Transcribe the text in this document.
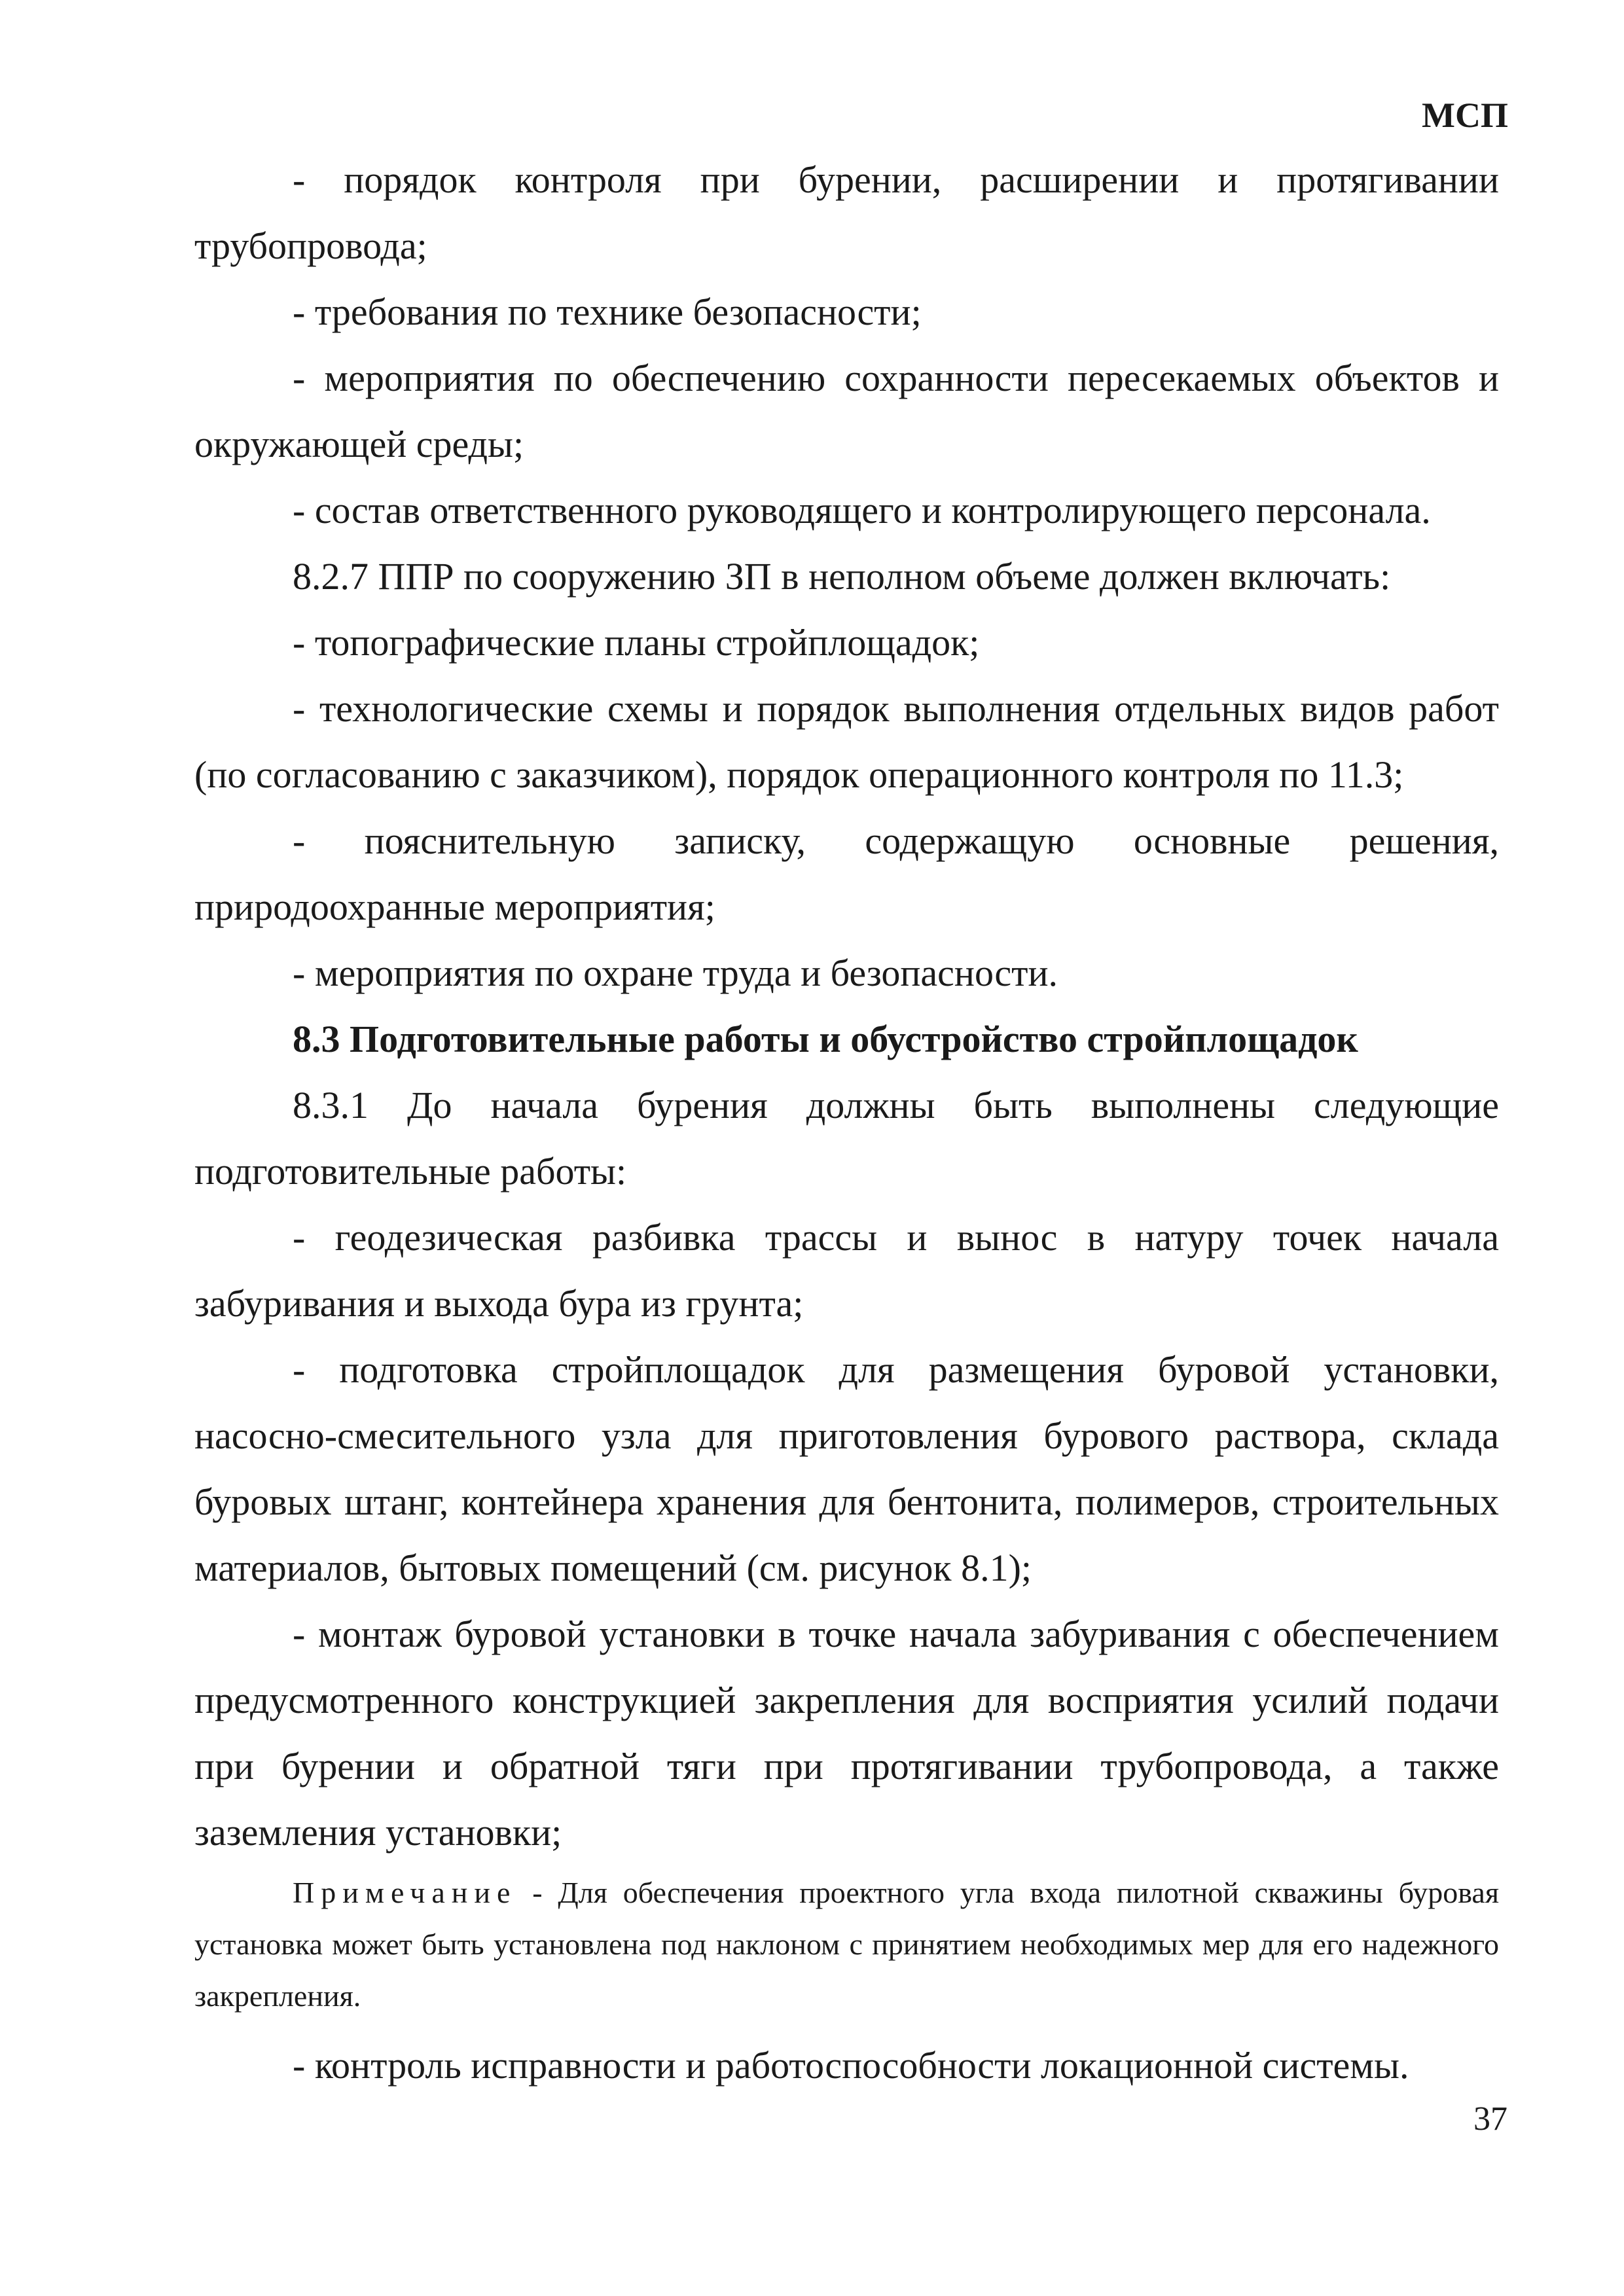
МСП

- порядок контроля при бурении, расширении и протягивании трубопровода;

- требования по технике безопасности;

- мероприятия по обеспечению сохранности пересекаемых объектов и окружающей среды;

- состав ответственного руководящего и контролирующего персонала.

8.2.7 ППР по сооружению ЗП в неполном объеме должен включать:

- топографические планы стройплощадок;

- технологические схемы и порядок выполнения отдельных видов работ (по согласованию с заказчиком), порядок операционного контроля по 11.3;

- пояснительную записку, содержащую основные решения, природоохранные мероприятия;

- мероприятия по охране труда и безопасности.

8.3 Подготовительные работы и обустройство стройплощадок

8.3.1 До начала бурения должны быть выполнены следующие подготовительные работы:

- геодезическая разбивка трассы и вынос в натуру точек начала забуривания и выхода бура из грунта;

- подготовка стройплощадок для размещения буровой установки, насосно-смесительного узла для приготовления бурового раствора, склада буровых штанг, контейнера хранения для бентонита, полимеров, строительных материалов, бытовых помещений (см. рисунок 8.1);

- монтаж буровой установки в точке начала забуривания с обеспечением предусмотренного конструкцией закрепления для восприятия усилий подачи при бурении и обратной тяги при протягивании трубопровода, а также заземления установки;

Примечание - Для обеспечения проектного угла входа пилотной скважины буровая установка может быть установлена под наклоном с принятием необходимых мер для его надежного закрепления.

- контроль исправности и работоспособности локационной системы.

37
